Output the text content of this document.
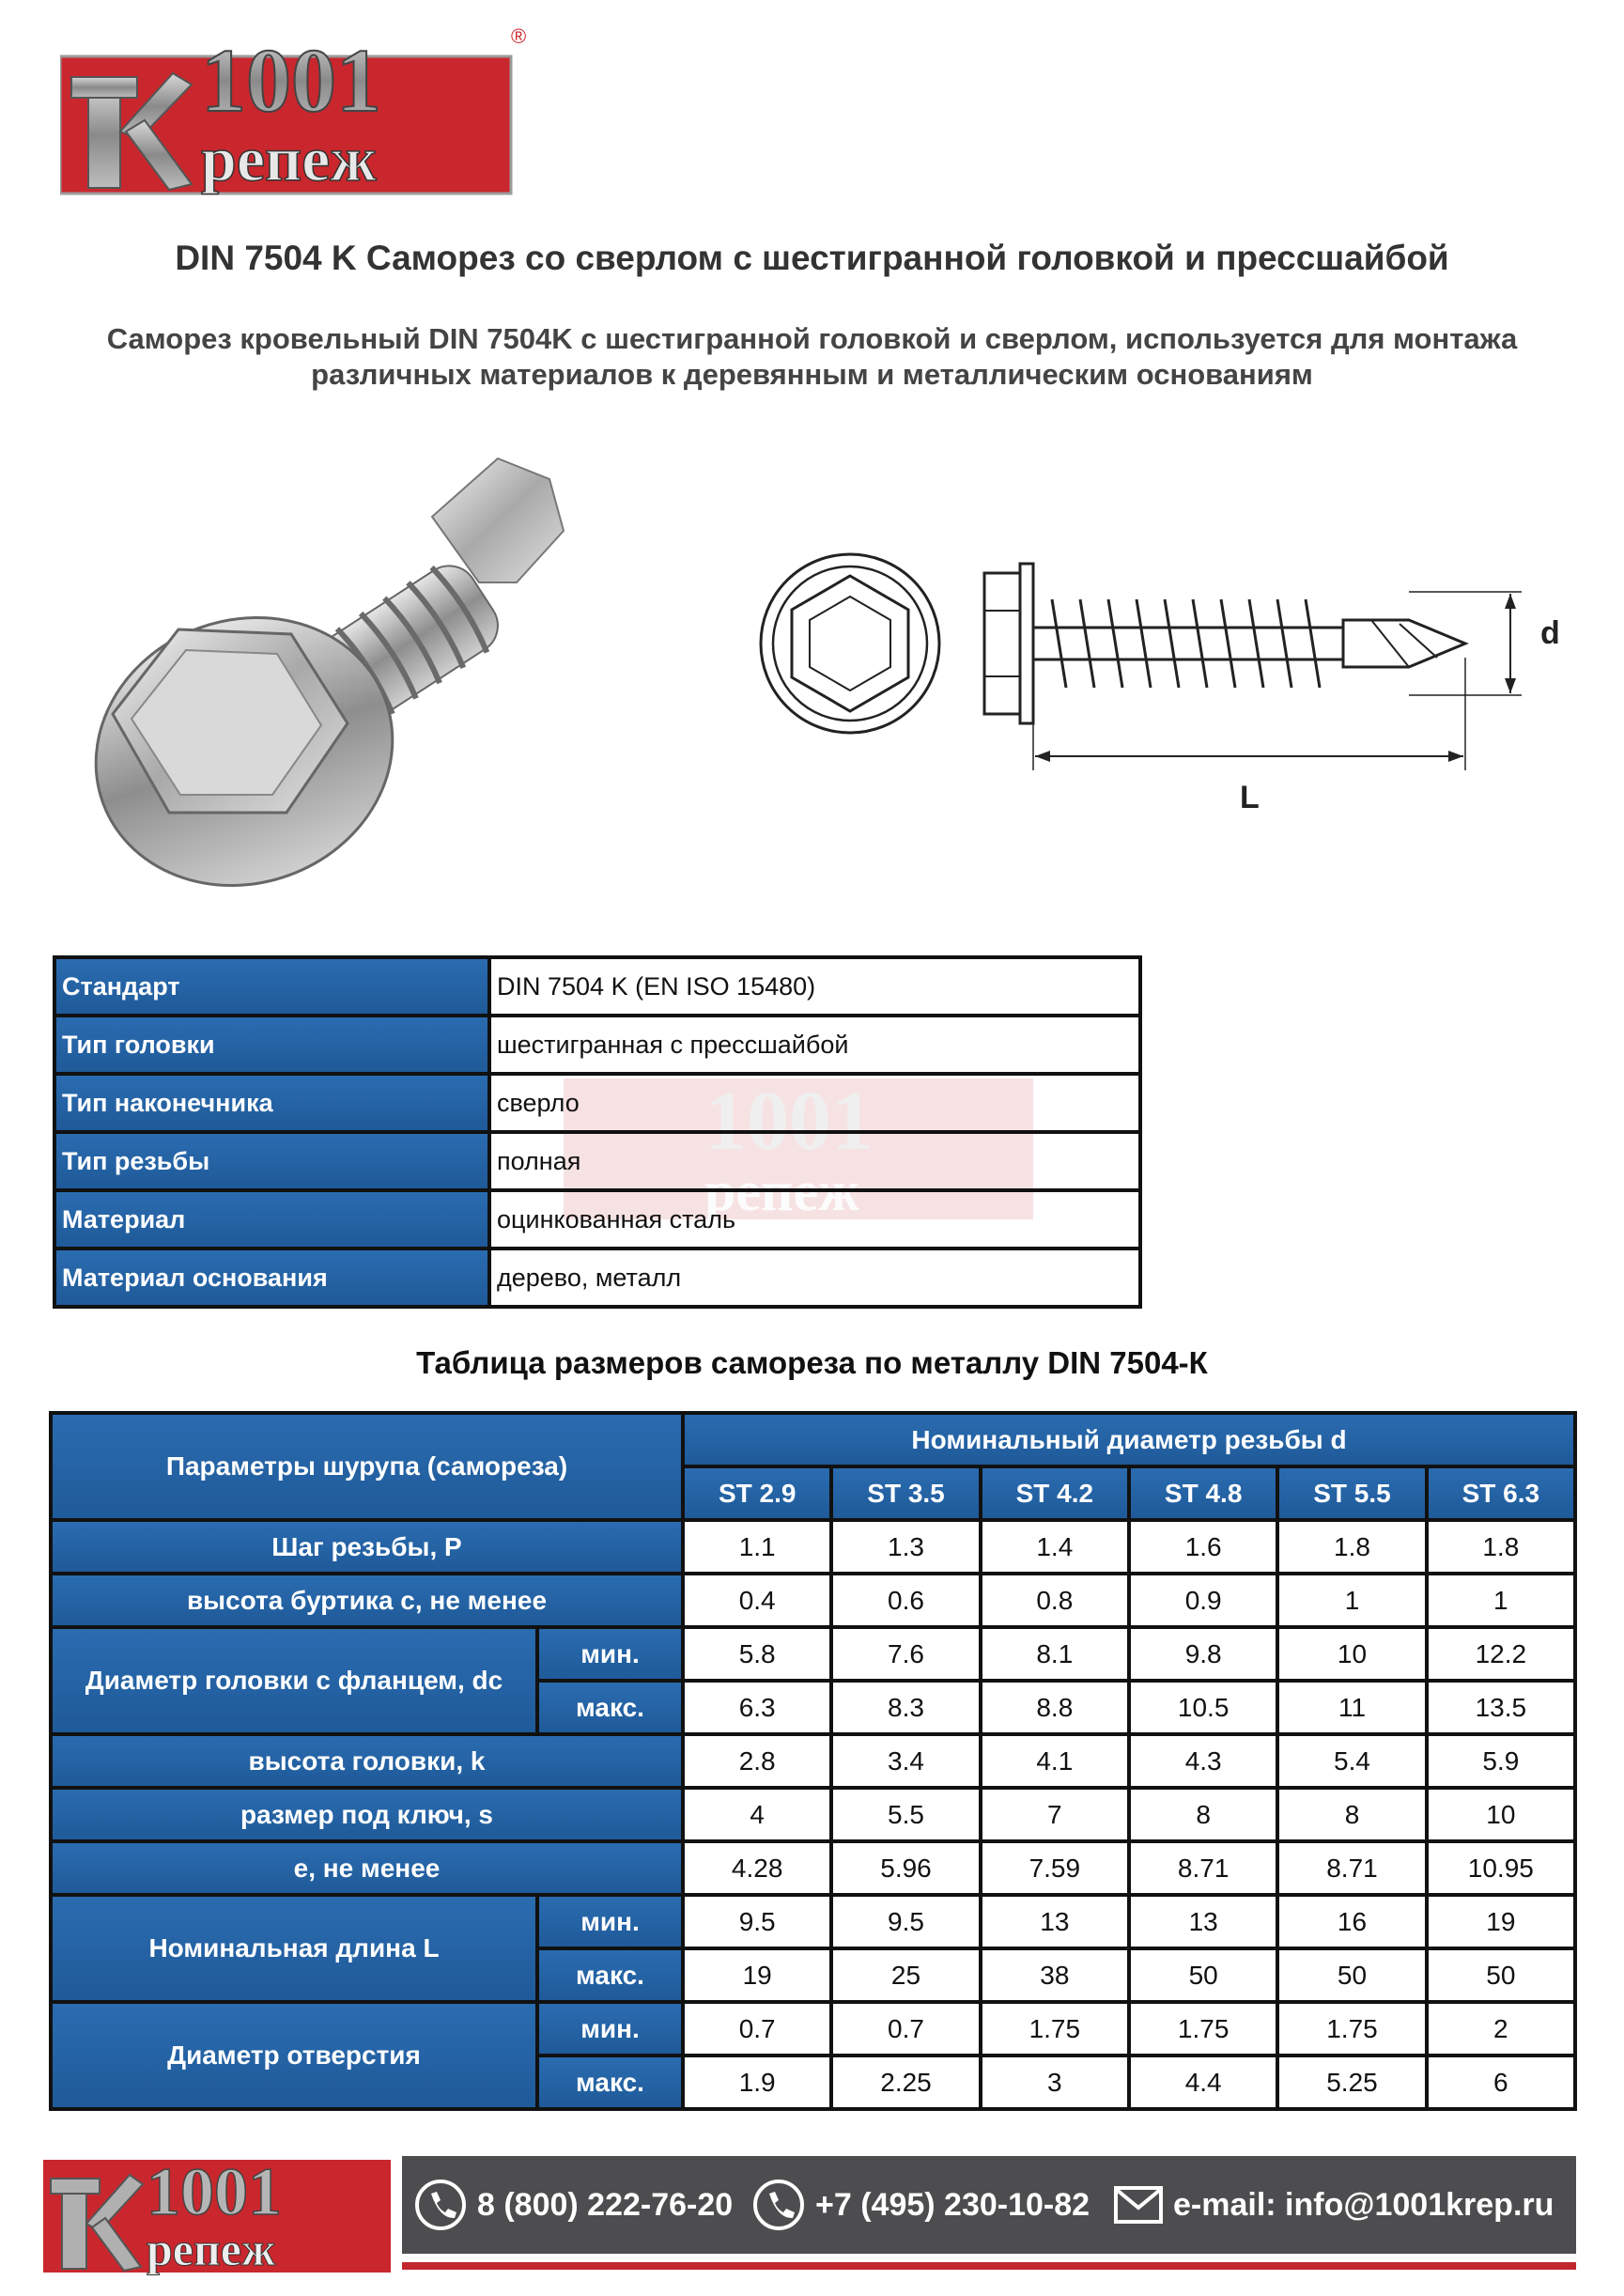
1001
репеж
®
DIN 7504 K Саморез со сверлом с шестигранной головкой и прессшайбой
Саморез кровельный DIN 7504K с шестигранной головкой и сверлом, используется для монтажа
различных материалов к деревянным и металлическим основаниям
d
L
1001
репеж
Стандарт	DIN 7504 K (EN ISO 15480)
Тип головки	шестигранная с прессшайбой
Тип наконечника	сверло
Тип резьбы	полная
Материал	оцинкованная сталь
Материал основания	дерево, металл
Таблица размеров самореза по металлу DIN 7504-К
Параметры шурупа (самореза)		Номинальный диаметр резьбы d					
		ST 2.9	ST 3.5	ST 4.2	ST 4.8	ST 5.5	ST 6.3
Шаг резьбы, P		1.1	1.3	1.4	1.6	1.8	1.8
высота буртика с, не менее		0.4	0.6	0.8	0.9	1	1
Диаметр головки с фланцем, dc	мин.	5.8	7.6	8.1	9.8	10	12.2
	макс.	6.3	8.3	8.8	10.5	11	13.5
высота головки, k		2.8	3.4	4.1	4.3	5.4	5.9
размер под ключ, s		4	5.5	7	8	8	10
e, не менее		4.28	5.96	7.59	8.71	8.71	10.95
Номинальная длина L	мин.	9.5	9.5	13	13	16	19
	макс.	19	25	38	50	50	50
Диаметр отверстия	мин.	0.7	0.7	1.75	1.75	1.75	2
	макс.	1.9	2.25	3	4.4	5.25	6
1001
репеж
8 (800) 222-76-20	+7 (495) 230-10-82	e-mail: info@1001krep.ru
